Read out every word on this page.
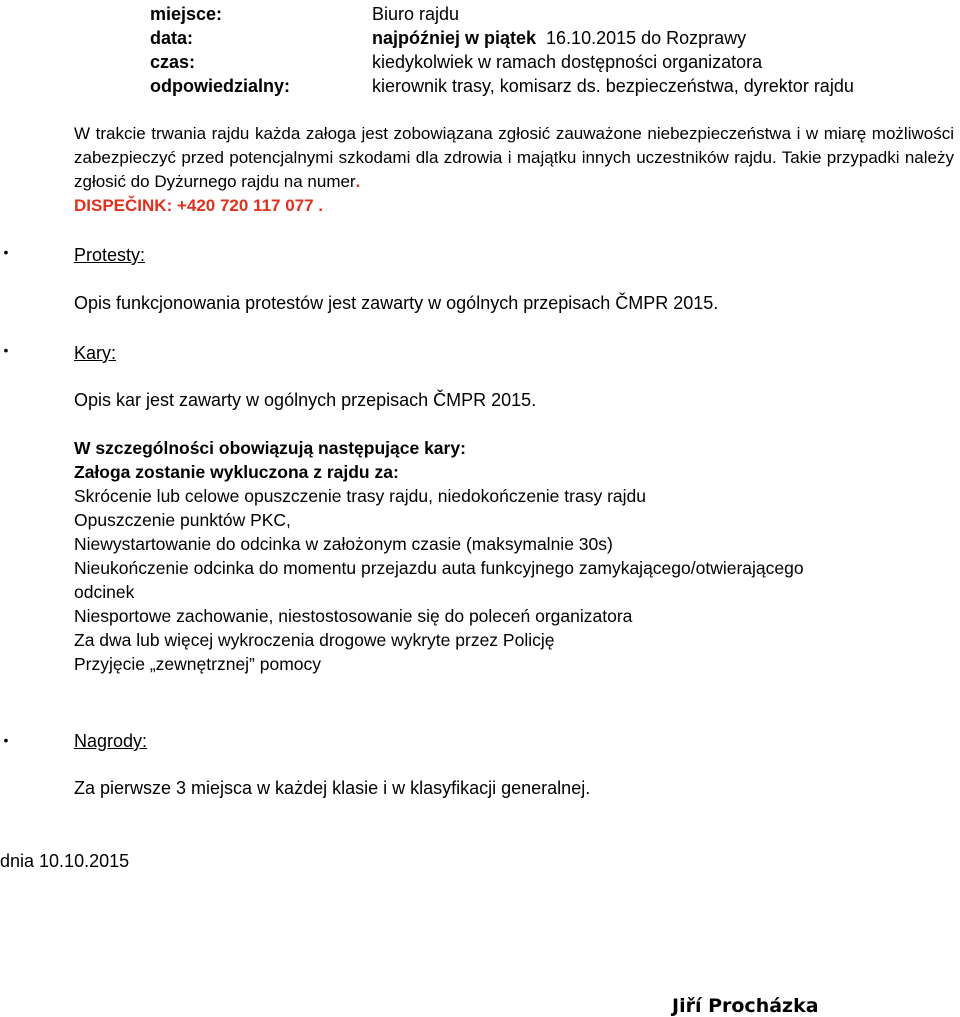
miejsce:	Biuro rajdu
data:	najpóźniej w piątek  16.10.2015 do Rozprawy
czas:	kiedykolwiek w ramach dostępności organizatora
odpowiedzialny:	kierownik trasy, komisarz ds. bezpieczeństwa, dyrektor rajdu
W trakcie trwania rajdu każda załoga jest zobowiązana zgłosić zauważone niebezpieczeństwa i w miarę możliwości zabezpieczyć przed potencjalnymi szkodami dla zdrowia i majątku innych uczestników rajdu. Takie przypadki należy zgłosić do Dyżurnego rajdu na numer.
DISPEČINK: +420 720 117 077 .
•	Protesty:
Opis funkcjonowania protestów jest zawarty w ogólnych przepisach ČMPR 2015.
•	Kary:
Opis kar jest zawarty w ogólnych przepisach ČMPR 2015.
W szczególności obowiązują następujące kary:
Załoga zostanie wykluczona z rajdu za:
Skrócenie lub celowe opuszczenie trasy rajdu, niedokończenie trasy rajdu
Opuszczenie punktów PKC,
Niewystartowanie do odcinka w założonym czasie (maksymalnie 30s)
Nieukończenie odcinka do momentu przejazdu auta funkcyjnego zamykającego/otwierającego
odcinek
Niesportowe zachowanie, niestostosowanie się do poleceń organizatora
Za dwa lub więcej wykroczenia drogowe wykryte przez Policję
Przyjęcie „zewnętrznej” pomocy
•	Nagrody:
Za pierwsze 3 miejsca w każdej klasie i w klasyfikacji generalnej.
dnia 10.10.2015
Jiří Procházka
